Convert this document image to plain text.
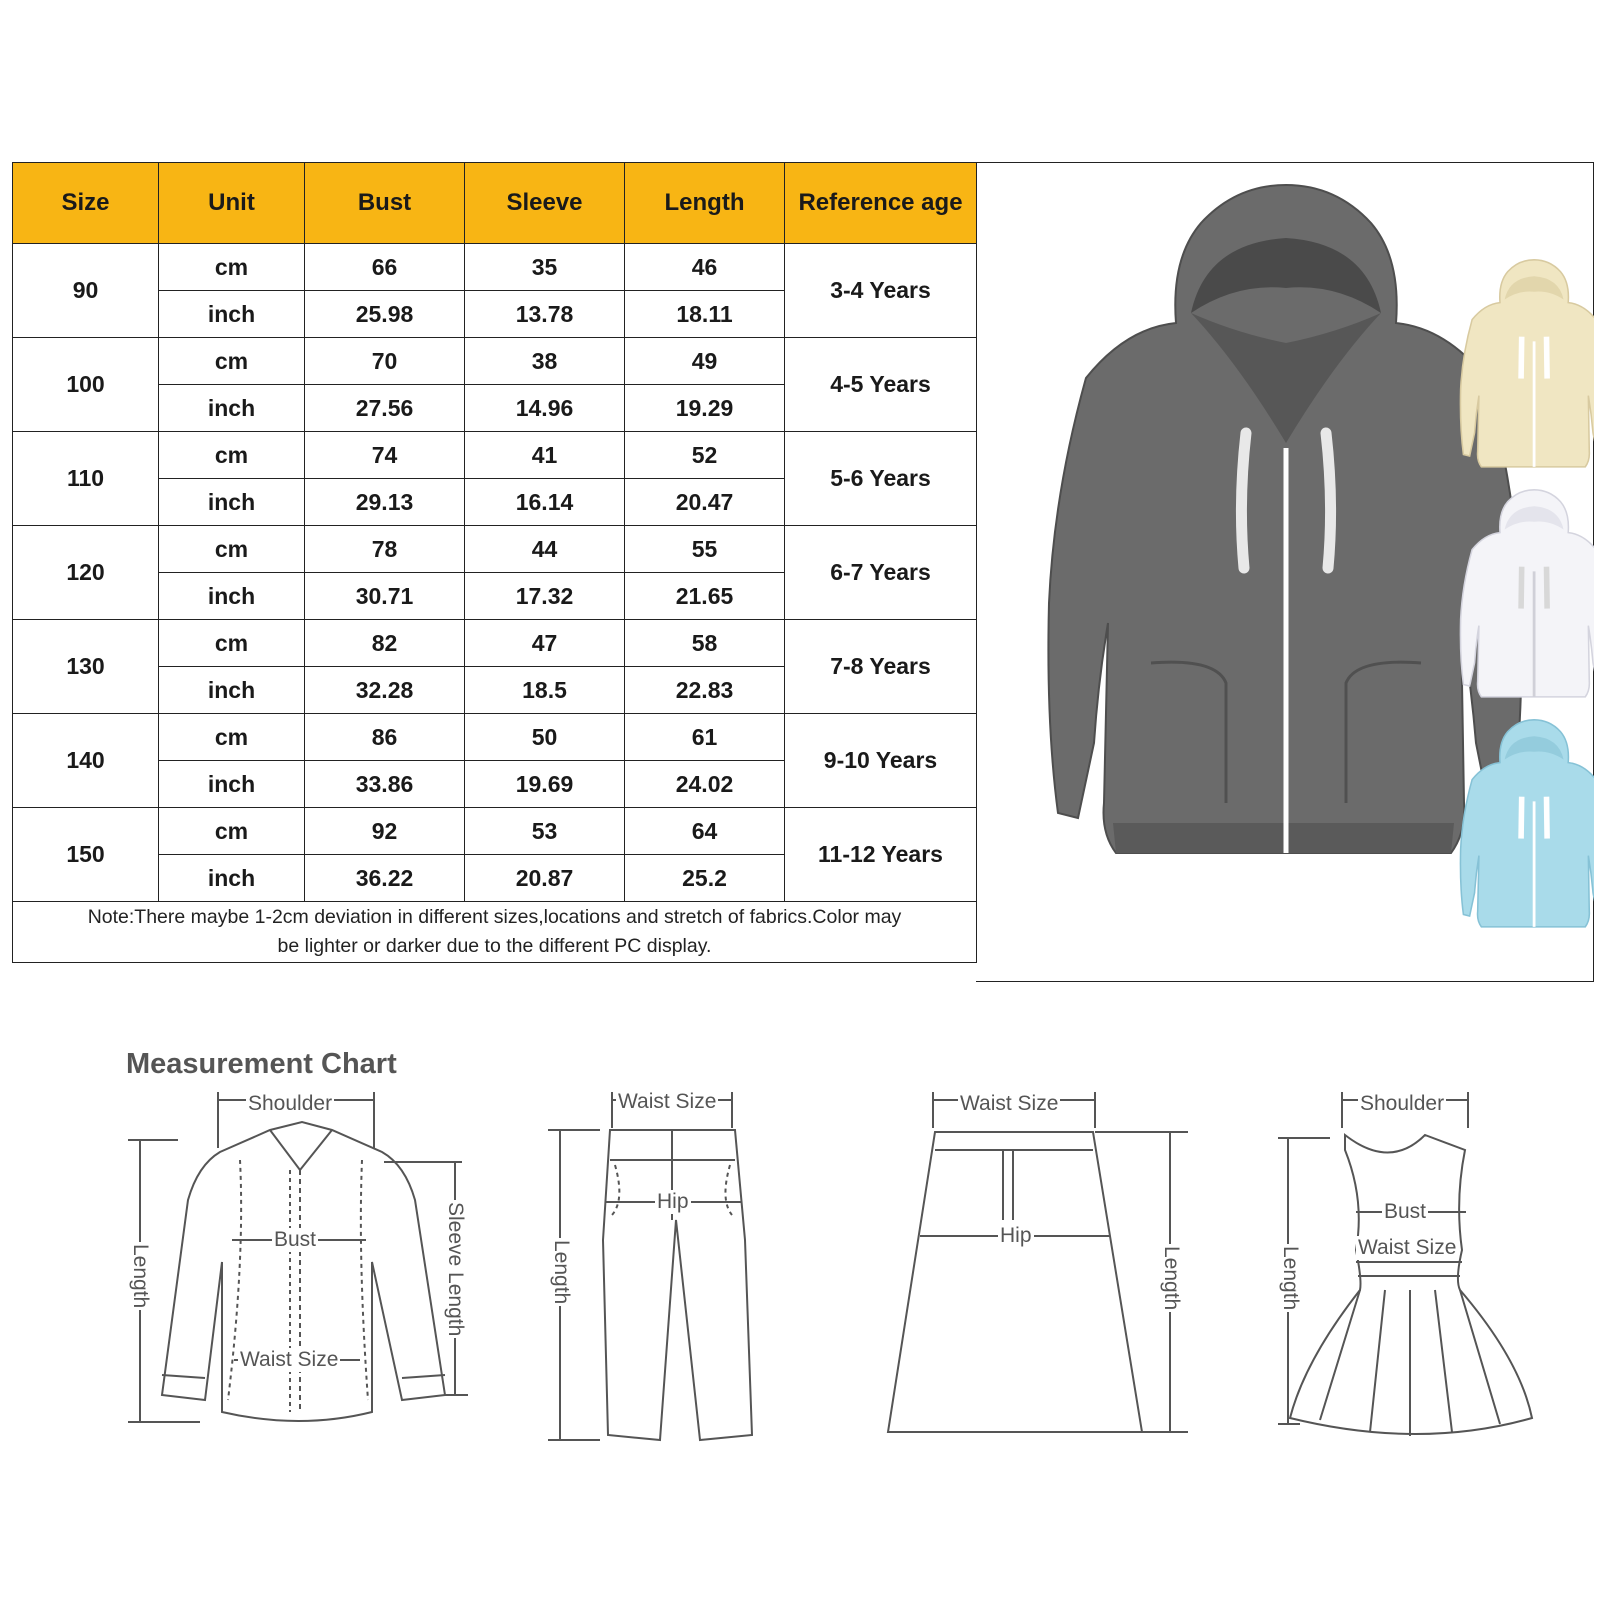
Size	Unit	Bust	Sleeve	Length	Reference age
90	cm	66	35	46	3-4 Years
	inch	25.98	13.78	18.11	
100	cm	70	38	49	4-5 Years
	inch	27.56	14.96	19.29	
110	cm	74	41	52	5-6 Years
	inch	29.13	16.14	20.47	
120	cm	78	44	55	6-7 Years
	inch	30.71	17.32	21.65	
130	cm	82	47	58	7-8 Years
	inch	32.28	18.5	22.83	
140	cm	86	50	61	9-10 Years
	inch	33.86	19.69	24.02	
150	cm	92	53	64	11-12 Years
	inch	36.22	20.87	25.2	

Note:There maybe 1-2cm deviation in different sizes,locations and stretch of fabrics.Color may
be lighter or darker due to the different PC display.					
Measurement Chart
Shoulder
Bust
Waist Size
Length	Sleeve Length
Waist Size
Hip
Length
Waist Size
Hip
Length
Shoulder
Bust
Waist Size
Length
